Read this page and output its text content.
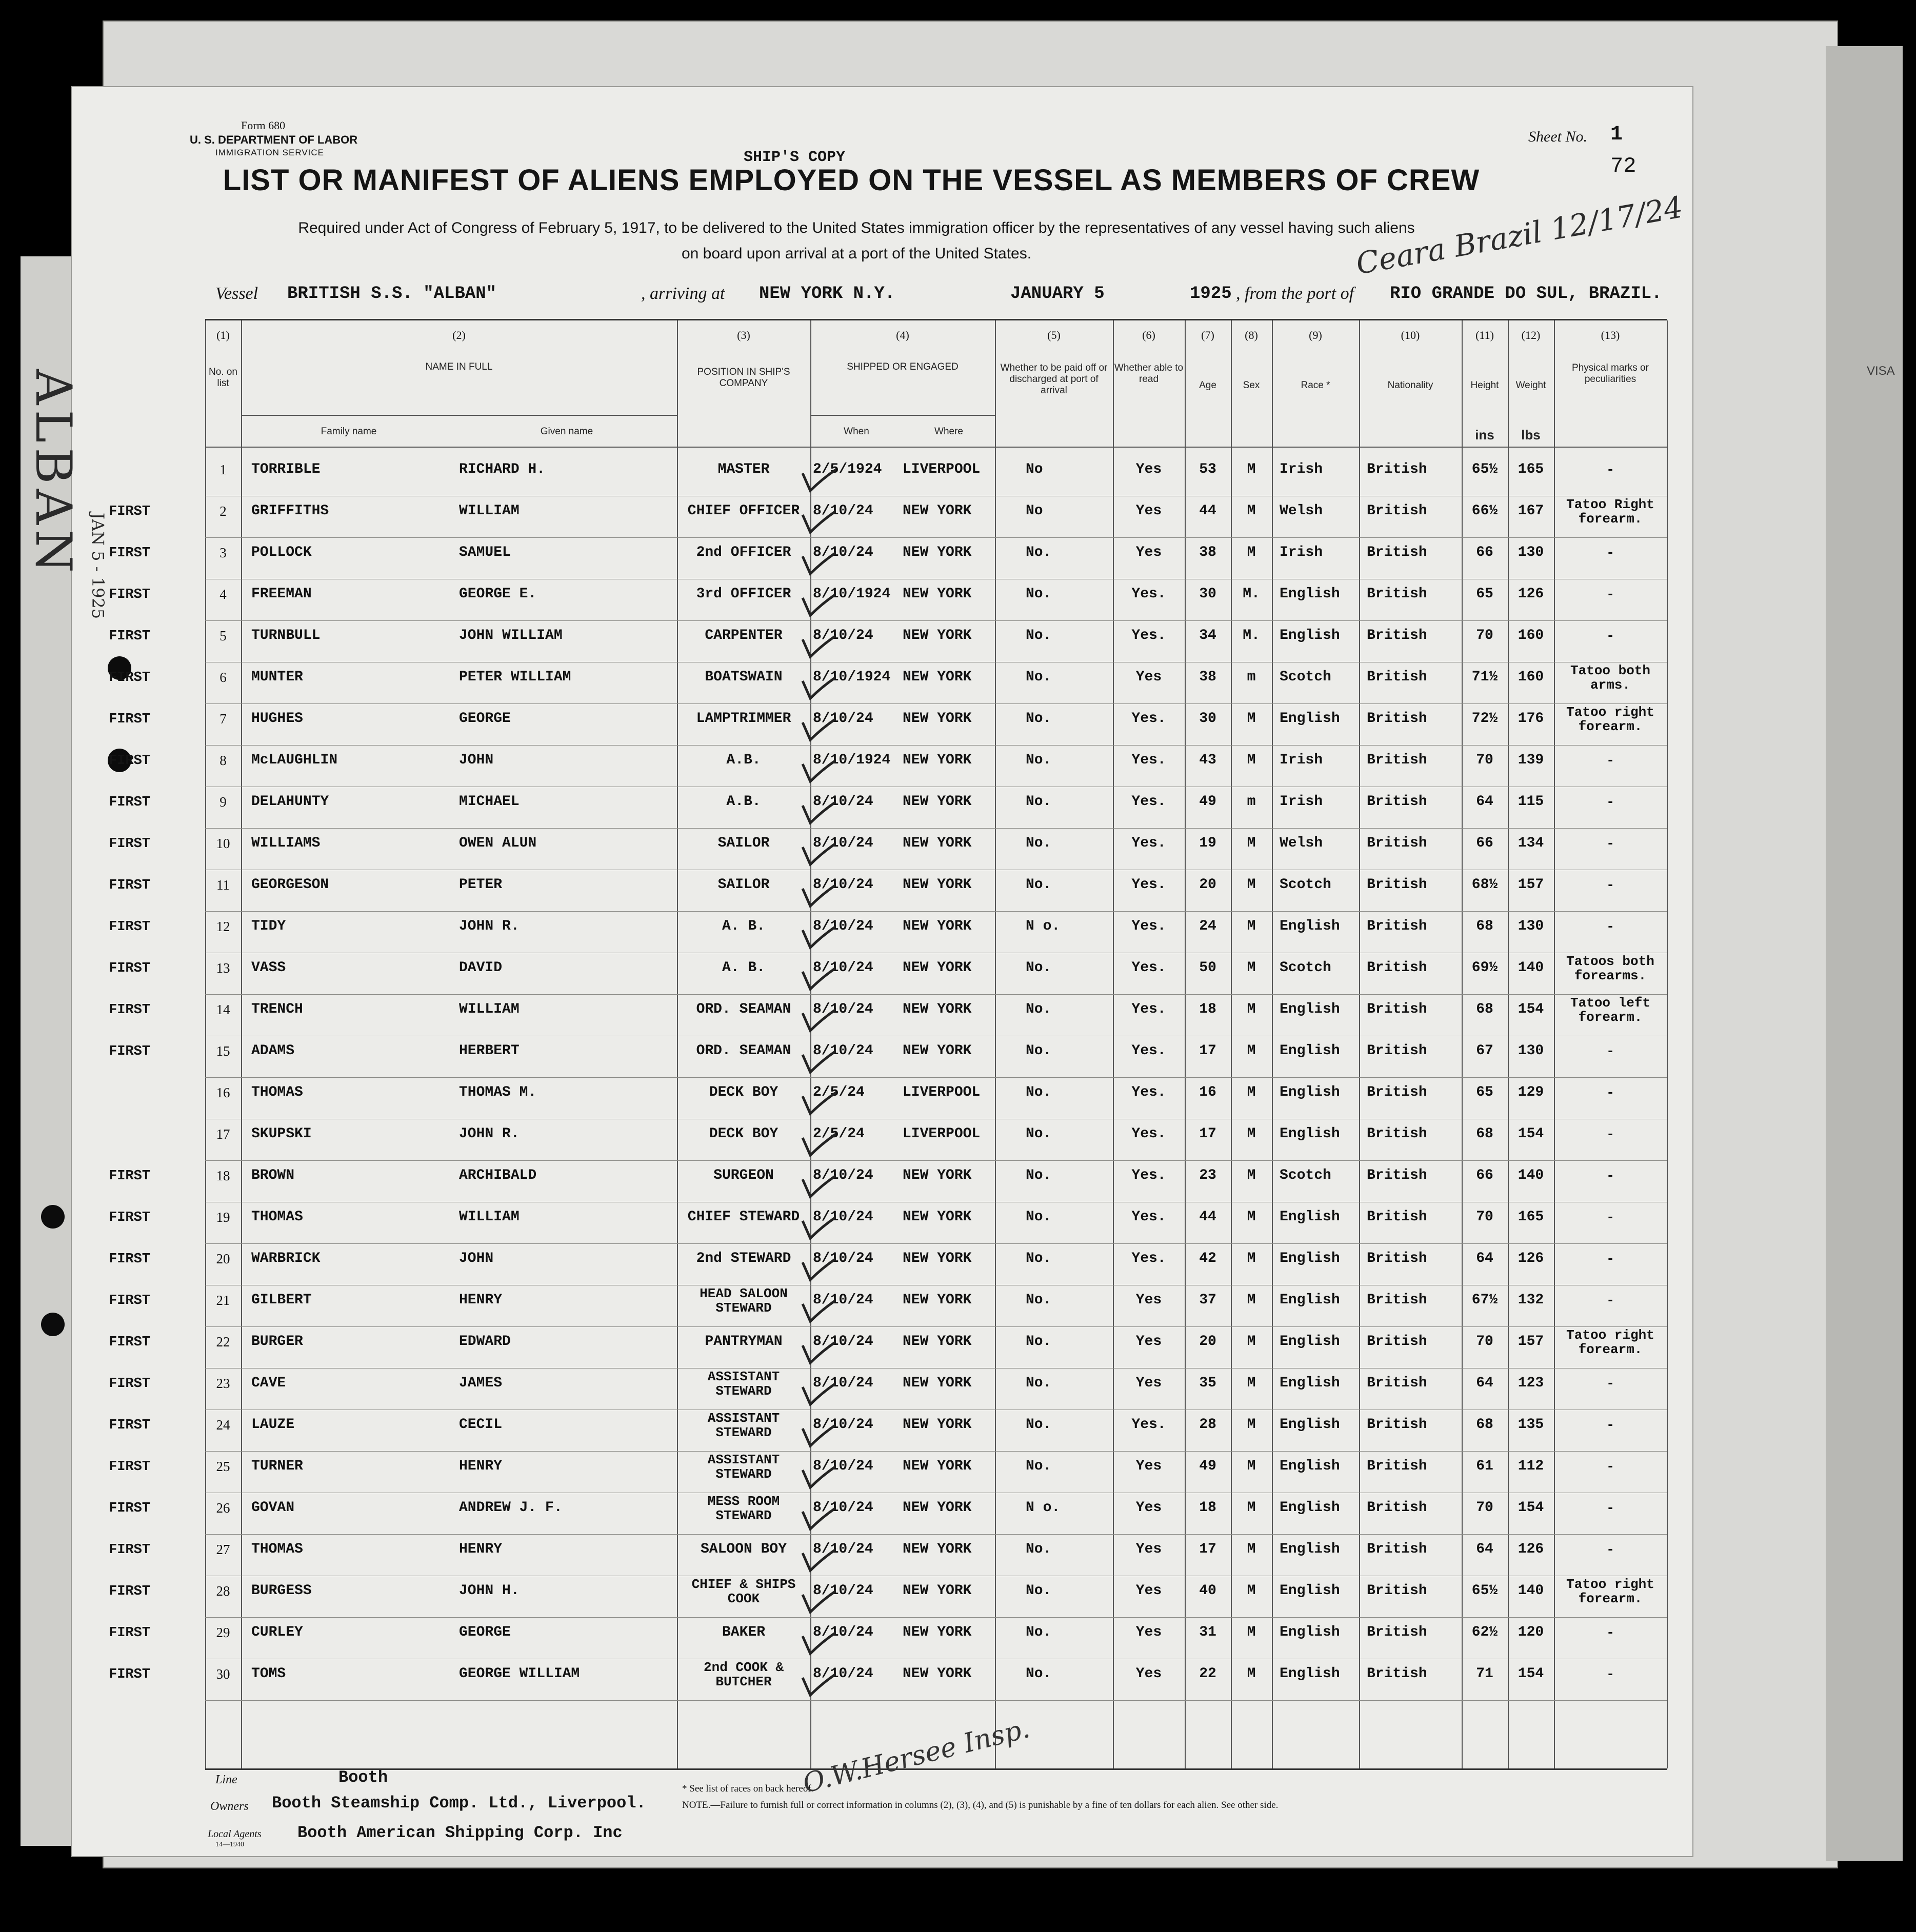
VISA
Form 680
U. S. DEPARTMENT OF LABOR
IMMIGRATION SERVICE	SHIP'S COPY
LIST OR MANIFEST OF ALIENS EMPLOYED ON THE VESSEL AS MEMBERS OF CREW
Sheet No. 1
72
Required under Act of Congress of February 5, 1917, to be delivered to the United States immigration officer by the representatives of any vessel having such aliens
on board upon arrival at a port of the United States.	Ceara Brazil 12/17/24
Vessel BRITISH S.S. "ALBAN"	, arriving at NEW YORK N.Y.	JANUARY 5	1925 , from the port of RIO GRANDE DO SUL, BRAZIL.
(1)	(2)	(3)	(4)	(5)	(6)	(7)	(8)	(9)	(10)	(11)	(12)	(13)
No. on list
NAME IN FULL
Family name	Given name
POSITION IN SHIP'S COMPANY
SHIPPED OR ENGAGED
When	Where
Whether to be paid off or discharged at port of arrival
Whether able to read
Age	Sex	Race *	Nationality	Height	Weight
Physical marks or peculiarities
ins	lbs
1	TORRIBLE	RICHARD H.	MASTER	2/5/1924	LIVERPOOL	No	Yes	53	M	Irish	British	65½	165	-
2	GRIFFITHS	WILLIAM	CHIEF OFFICER 8/10/24	NEW YORK	No	Yes	44	M	Welsh	British	66½	167	Tatoo Right
forearm.
3	POLLOCK	SAMUEL	2nd OFFICER	8/10/24	NEW YORK	No.	Yes	38	M	Irish	British	66	130	-
4	FREEMAN	GEORGE E.	3rd OFFICER	8/10/1924 NEW YORK	No.	Yes.	30	M.	English	British	65	126	-
5	TURNBULL	JOHN WILLIAM	CARPENTER	8/10/24	NEW YORK	No.	Yes.	34	M.	English	British	70	160	-
6	MUNTER	PETER WILLIAM	BOATSWAIN	8/10/1924 NEW YORK	No.	Yes	38	m	Scotch	British	71½	160	Tatoo both
arms.
7	HUGHES	GEORGE	LAMPTRIMMER	8/10/24	NEW YORK	No.	Yes.	30	M	English	British	72½	176	Tatoo right
forearm.
8	McLAUGHLIN	JOHN	A.B.	8/10/1924 NEW YORK	No.	Yes.	43	M	Irish	British	70	139	-
9	DELAHUNTY	MICHAEL	A.B.	8/10/24	NEW YORK	No.	Yes.	49	m	Irish	British	64	115	-
10	WILLIAMS	OWEN ALUN	SAILOR	8/10/24	NEW YORK	No.	Yes.	19	M	Welsh	British	66	134	-
11	GEORGESON	PETER	SAILOR	8/10/24	NEW YORK	No.	Yes.	20	M	Scotch	British	68½	157	-
12	TIDY	JOHN R.	A. B.	8/10/24	NEW YORK	N o.	Yes.	24	M	English	British	68	130	-
13	VASS	DAVID	A. B.	8/10/24	NEW YORK	No.	Yes.	50	M	Scotch	British	69½	140	Tatoos both
forearms.
14	TRENCH	WILLIAM	ORD. SEAMAN	8/10/24	NEW YORK	No.	Yes.	18	M	English	British	68	154	Tatoo left
forearm.
15	ADAMS	HERBERT	ORD. SEAMAN	8/10/24	NEW YORK	No.	Yes.	17	M	English	British	67	130	-
16	THOMAS	THOMAS M.	DECK BOY	2/5/24	LIVERPOOL	No.	Yes.	16	M	English	British	65	129	-
17	SKUPSKI	JOHN R.	DECK BOY	2/5/24	LIVERPOOL	No.	Yes.	17	M	English	British	68	154	-
18	BROWN	ARCHIBALD	SURGEON	8/10/24	NEW YORK	No.	Yes.	23	M	Scotch	British	66	140	-
19	THOMAS	WILLIAM	CHIEF STEWARD 8/10/24	NEW YORK	No.	Yes.	44	M	English	British	70	165	-
20	WARBRICK	JOHN	2nd STEWARD	8/10/24	NEW YORK	No.	Yes.	42	M	English	British	64	126	-
21	GILBERT	HENRY	HEAD SALOON
STEWARD	8/10/24	NEW YORK	No.	Yes	37	M	English	British	67½	132	-
22	BURGER	EDWARD	PANTRYMAN	8/10/24	NEW YORK	No.	Yes	20	M	English	British	70	157	Tatoo right
forearm.
23	CAVE	JAMES	ASSISTANT
STEWARD	8/10/24	NEW YORK	No.	Yes	35	M	English	British	64	123	-
24	LAUZE	CECIL	ASSISTANT
STEWARD	8/10/24	NEW YORK	No.	Yes.	28	M	English	British	68	135	-
25	TURNER	HENRY	ASSISTANT
STEWARD	8/10/24	NEW YORK	No.	Yes	49	M	English	British	61	112	-
26	GOVAN	ANDREW J. F.	MESS ROOM
STEWARD	8/10/24	NEW YORK	N o.	Yes	18	M	English	British	70	154	-
27	THOMAS	HENRY	SALOON BOY	8/10/24	NEW YORK	No.	Yes	17	M	English	British	64	126	-
28	BURGESS	JOHN H.	CHIEF & SHIPS
COOK	8/10/24	NEW YORK	No.	Yes	40	M	English	British	65½	140	Tatoo right
forearm.
29	CURLEY	GEORGE	BAKER	8/10/24	NEW YORK	No.	Yes	31	M	English	British	62½	120	-
30	TOMS	GEORGE WILLIAM	2nd COOK &
BUTCHER	8/10/24	NEW YORK	No.	Yes	22	M	English	British	71	154	-
Line	Booth
Owners Booth Steamship Comp. Ltd., Liverpool.
Local Agents Booth American Shipping Corp. Inc
14—1940
* See list of races on back hereof.
NOTE.—Failure to furnish full or correct information in columns (2), (3), (4), and (5) is punishable by a fine of ten dollars for each alien. See other side.
O.W.Hersee Insp.
ALBAN JAN 5 - 1925
FIRST
FIRST
FIRST
FIRST
FIRST
FIRST
FIRST
FIRST
FIRST
FIRST
FIRST
FIRST
FIRST
FIRST
FIRST
FIRST
FIRST
FIRST
FIRST
FIRST
FIRST
FIRST
FIRST
FIRST
FIRST
FIRST
FIRST
